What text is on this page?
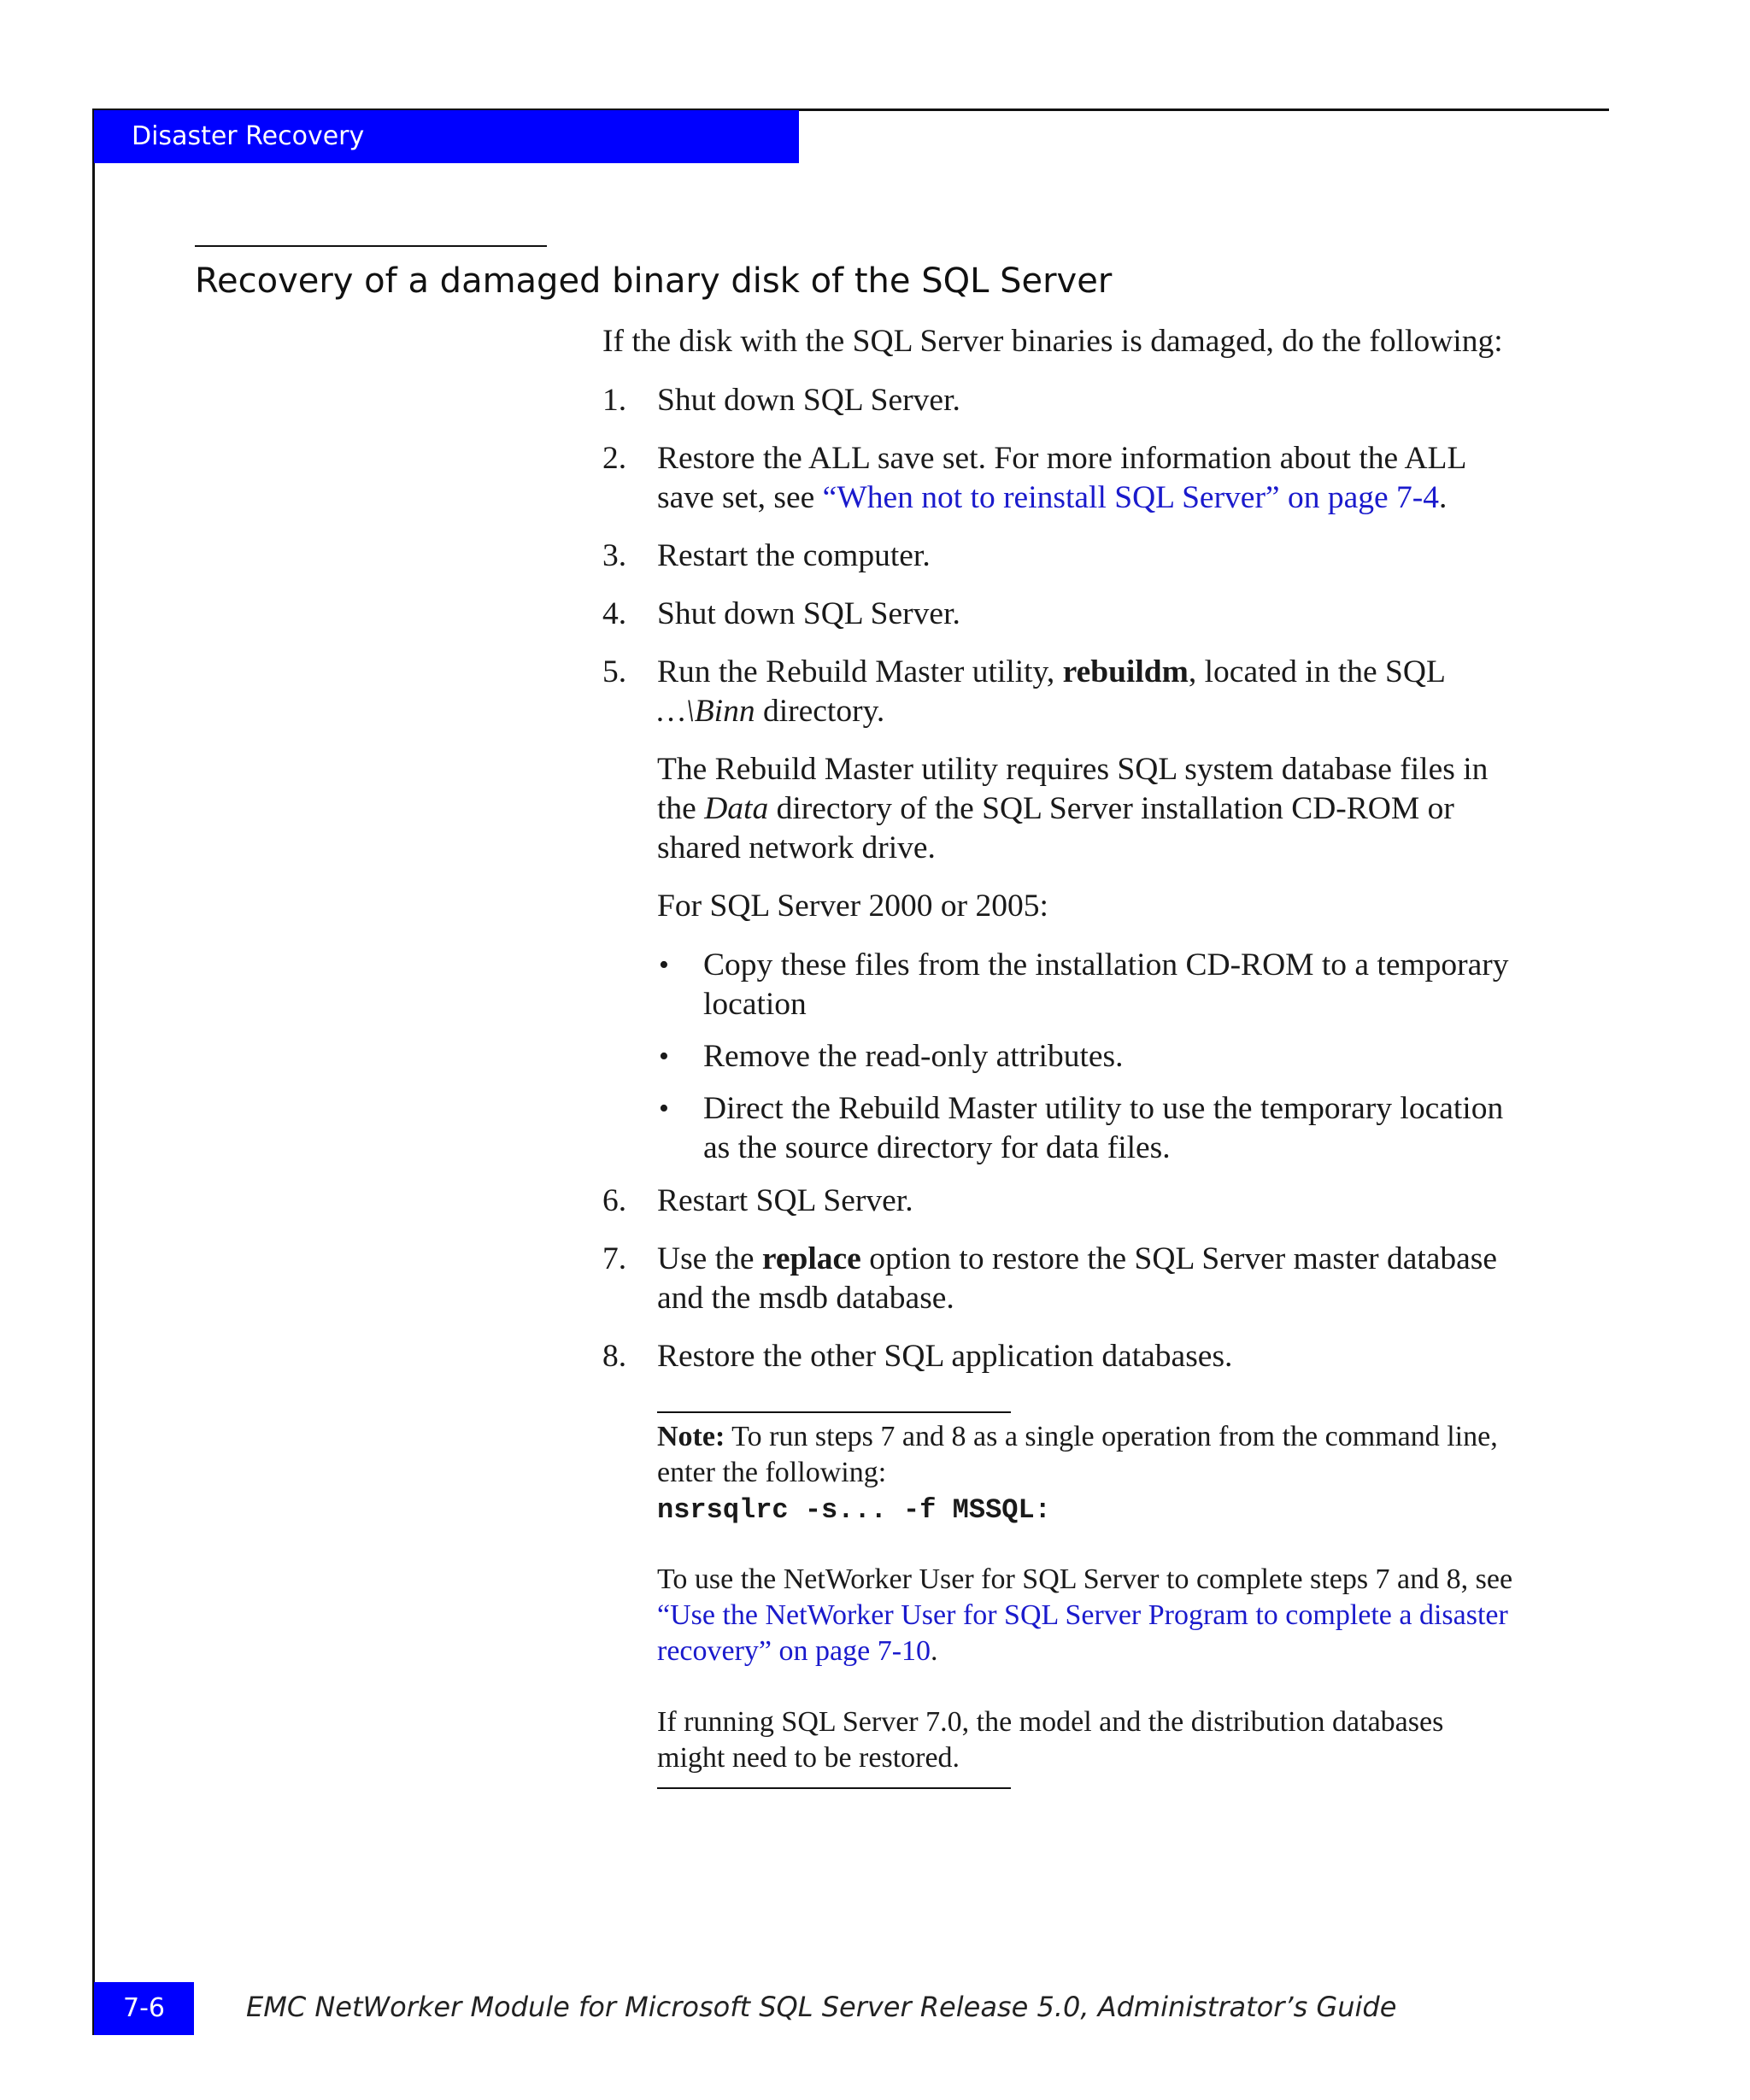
Disaster Recovery
Recovery of a damaged binary disk of the SQL Server
If the disk with the SQL Server binaries is damaged, do the following:
1. Shut down SQL Server.
2. Restore the ALL save set. For more information about the ALL
save set, see “When not to reinstall SQL Server” on page 7-4.
3. Restart the computer.
4. Shut down SQL Server.
5. Run the Rebuild Master utility, rebuildm, located in the SQL
…\Binn directory.
The Rebuild Master utility requires SQL system database files in
the Data directory of the SQL Server installation CD-ROM or
shared network drive.
For SQL Server 2000 or 2005:
• Copy these files from the installation CD-ROM to a temporary
location
• Remove the read-only attributes.
• Direct the Rebuild Master utility to use the temporary location
as the source directory for data files.
6. Restart SQL Server.
7. Use the replace option to restore the SQL Server master database
and the msdb database.
8. Restore the other SQL application databases.
Note: To run steps 7 and 8 as a single operation from the command line,
enter the following:
nsrsqlrc -s... -f MSSQL:
To use the NetWorker User for SQL Server to complete steps 7 and 8, see
“Use the NetWorker User for SQL Server Program to complete a disaster
recovery” on page 7-10.
If running SQL Server 7.0, the model and the distribution databases
might need to be restored.
7-6	EMC NetWorker Module for Microsoft SQL Server Release 5.0, Administrator’s Guide
